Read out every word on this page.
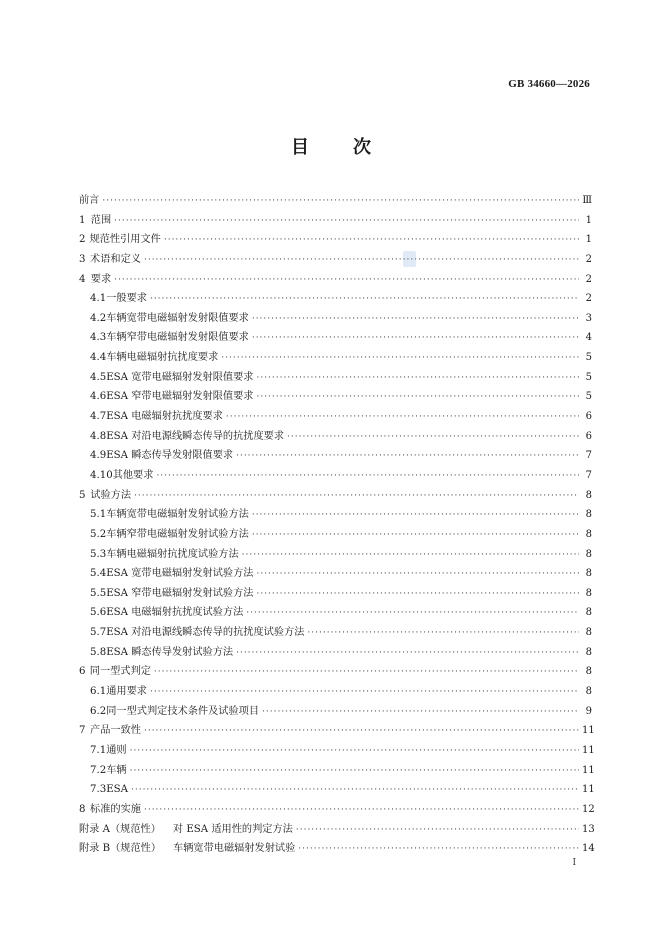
GB 34660—2026
目 次
前言 ·····	Ⅲ
1 范围 ·····	1
2 规范性引用文件 ·····	1
3 术语和定义 ·····	2
4 要求 ·····	2
4.1 一般要求 ·····	2
4.2 车辆宽带电磁辐射发射限值要求 ·····	3
4.3 车辆窄带电磁辐射发射限值要求 ·····	4
4.4 车辆电磁辐射抗扰度要求 ·····	5
4.5 ESA 宽带电磁辐射发射限值要求 ·····	5
4.6 ESA 窄带电磁辐射发射限值要求 ·····	5
4.7 ESA 电磁辐射抗扰度要求 ·····	6
4.8 ESA 对沿电源线瞬态传导的抗扰度要求 ·····	6
4.9 ESA 瞬态传导发射限值要求 ·····	7
4.10 其他要求 ·····	7
5 试验方法 ·····	8
5.1 车辆宽带电磁辐射发射试验方法 ·····	8
5.2 车辆窄带电磁辐射发射试验方法 ·····	8
5.3 车辆电磁辐射抗扰度试验方法 ·····	8
5.4 ESA 宽带电磁辐射发射试验方法 ·····	8
5.5 ESA 窄带电磁辐射发射试验方法 ·····	8
5.6 ESA 电磁辐射抗扰度试验方法 ·····	8
5.7 ESA 对沿电源线瞬态传导的抗扰度试验方法 ·····	8
5.8 ESA 瞬态传导发射试验方法 ·····	8
6 同一型式判定 ·····	8
6.1 通用要求 ·····	8
6.2 同一型式判定技术条件及试验项目 ·····	9
7 产品一致性 ·····	11
7.1 通则 ·····	11
7.2 车辆 ·····	11
7.3 ESA ·····	11
8 标准的实施 ·····	12
附录 A（规范性） 对 ESA 适用性的判定方法 ·····	13
附录 B（规范性） 车辆宽带电磁辐射发射试验 ·····	14
I
